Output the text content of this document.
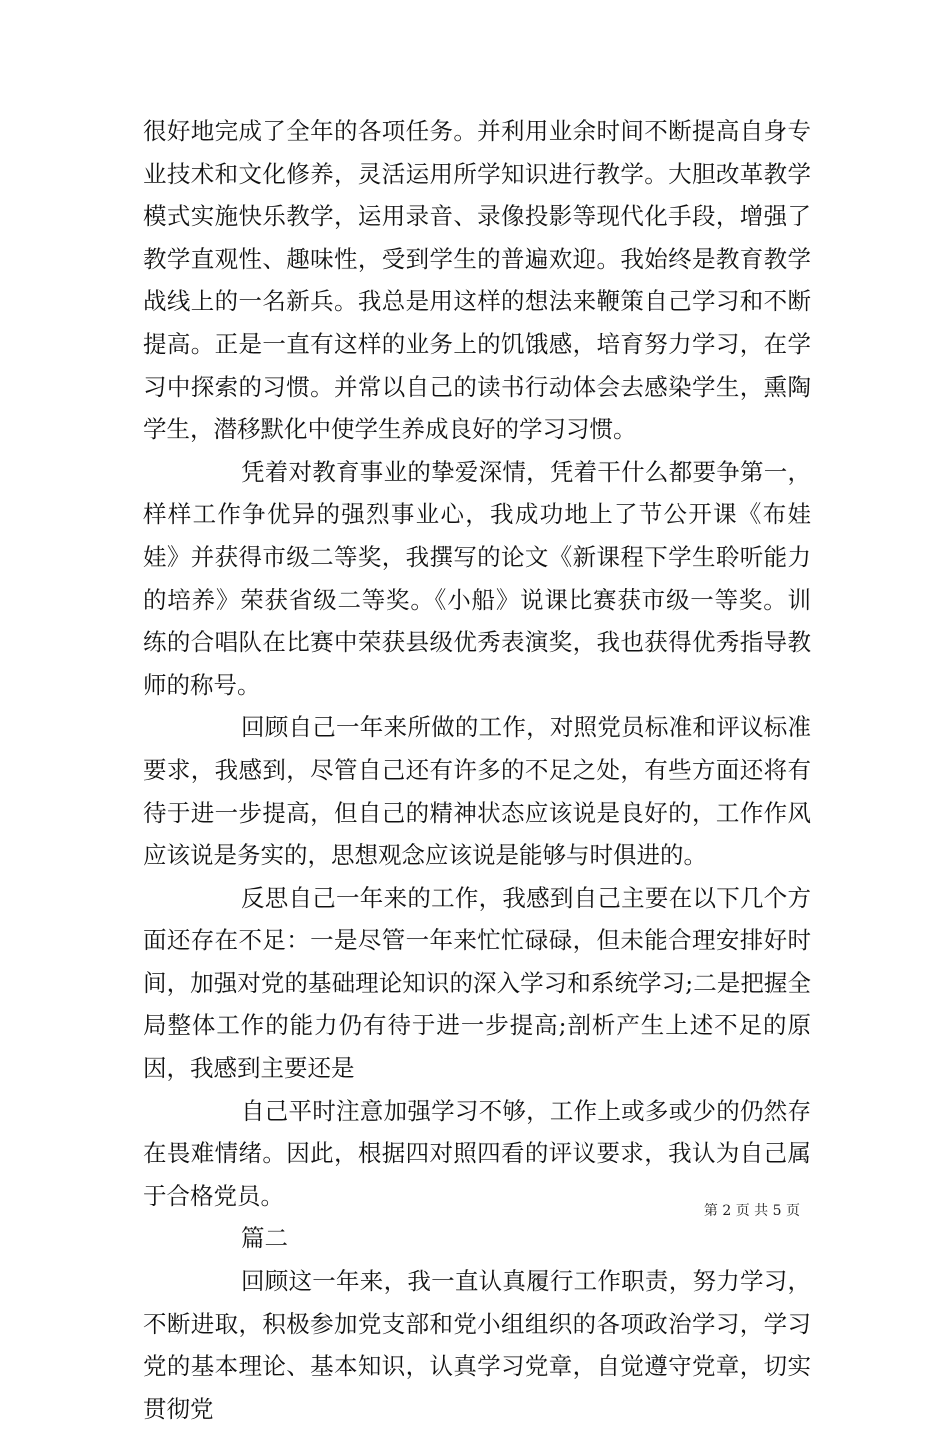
很好地完成了全年的各项任务。并利用业余时间不断提高自身专业技术和文化修养，灵活运用所学知识进行教学。大胆改革教学模式实施快乐教学，运用录音、录像投影等现代化手段，增强了教学直观性、趣味性，受到学生的普遍欢迎。我始终是教育教学战线上的一名新兵。我总是用这样的想法来鞭策自己学习和不断提高。正是一直有这样的业务上的饥饿感，培育努力学习，在学习中探索的习惯。并常以自己的读书行动体会去感染学生，熏陶学生，潜移默化中使学生养成良好的学习习惯。

凭着对教育事业的挚爱深情，凭着干什么都要争第一，样样工作争优异的强烈事业心，我成功地上了节公开课《布娃娃》并获得市级二等奖，我撰写的论文《新课程下学生聆听能力的培养》荣获省级二等奖。《小船》说课比赛获市级一等奖。训练的合唱队在比赛中荣获县级优秀表演奖，我也获得优秀指导教师的称号。

回顾自己一年来所做的工作，对照党员标准和评议标准要求，我感到，尽管自己还有许多的不足之处，有些方面还将有待于进一步提高，但自己的精神状态应该说是良好的，工作作风应该说是务实的，思想观念应该说是能够与时俱进的。

反思自己一年来的工作，我感到自己主要在以下几个方面还存在不足：一是尽管一年来忙忙碌碌，但未能合理安排好时间，加强对党的基础理论知识的深入学习和系统学习;二是把握全局整体工作的能力仍有待于进一步提高;剖析产生上述不足的原因，我感到主要还是

自己平时注意加强学习不够，工作上或多或少的仍然存在畏难情绪。因此，根据四对照四看的评议要求，我认为自己属于合格党员。

篇二

回顾这一年来，我一直认真履行工作职责，努力学习，不断进取，积极参加党支部和党小组组织的各项政治学习，学习党的基本理论、基本知识，认真学习党章，自觉遵守党章，切实贯彻党

第 2 页 共 5 页
